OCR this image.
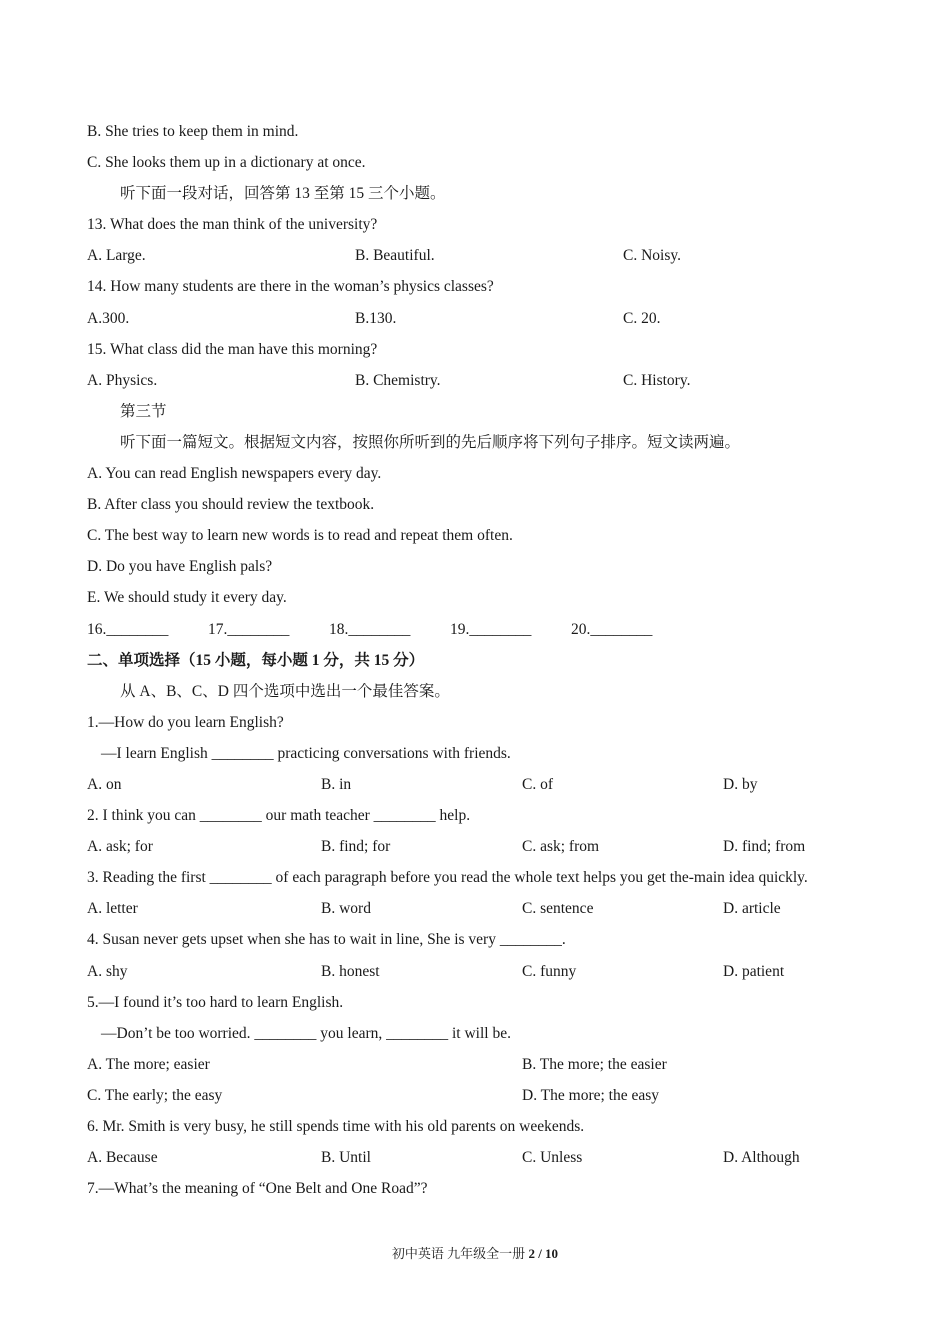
B. She tries to keep them in mind.
C. She looks them up in a dictionary at once.
听下面一段对话，回答第 13 至第 15 三个小题。
13. What does the man think of the university?
A. Large.	B. Beautiful.	C. Noisy.
14. How many students are there in the woman’s physics classes?
A.300.	B.130.	C. 20.
15. What class did the man have this morning?
A. Physics.	B. Chemistry.	C. History.
第三节
听下面一篇短文。根据短文内容，按照你所听到的先后顺序将下列句子排序。短文读两遍。
A. You can read English newspapers every day.
B. After class you should review the textbook.
C. The best way to learn new words is to read and repeat them often.
D. Do you have English pals?
E. We should study it every day.
16.________	17.________	18.________	19.________	20.________
二、单项选择（15 小题，每小题 1 分，共 15 分）
从 A、B、C、D 四个选项中选出一个最佳答案。
1.—How do you learn English?
—I learn English ________ practicing conversations with friends.
A. on	B. in	C. of	D. by
2. I think you can ________ our math teacher ________ help.
A. ask; for	B. find; for	C. ask; from	D. find; from
3. Reading the first ________ of each paragraph before you read the whole text helps you get the-main idea quickly.
A. letter	B. word	C. sentence	D. article
4. Susan never gets upset when she has to wait in line, She is very ________.
A. shy	B. honest	C. funny	D. patient
5.—I found it’s too hard to learn English.
—Don’t be too worried. ________ you learn, ________ it will be.
A. The more; easier	B. The more; the easier
C. The early; the easy	D. The more; the easy
6. Mr. Smith is very busy, he still spends time with his old parents on weekends.
A. Because	B. Until	C. Unless	D. Although
7.—What’s the meaning of “One Belt and One Road”?
初中英语 九年级全一册 2 / 10
